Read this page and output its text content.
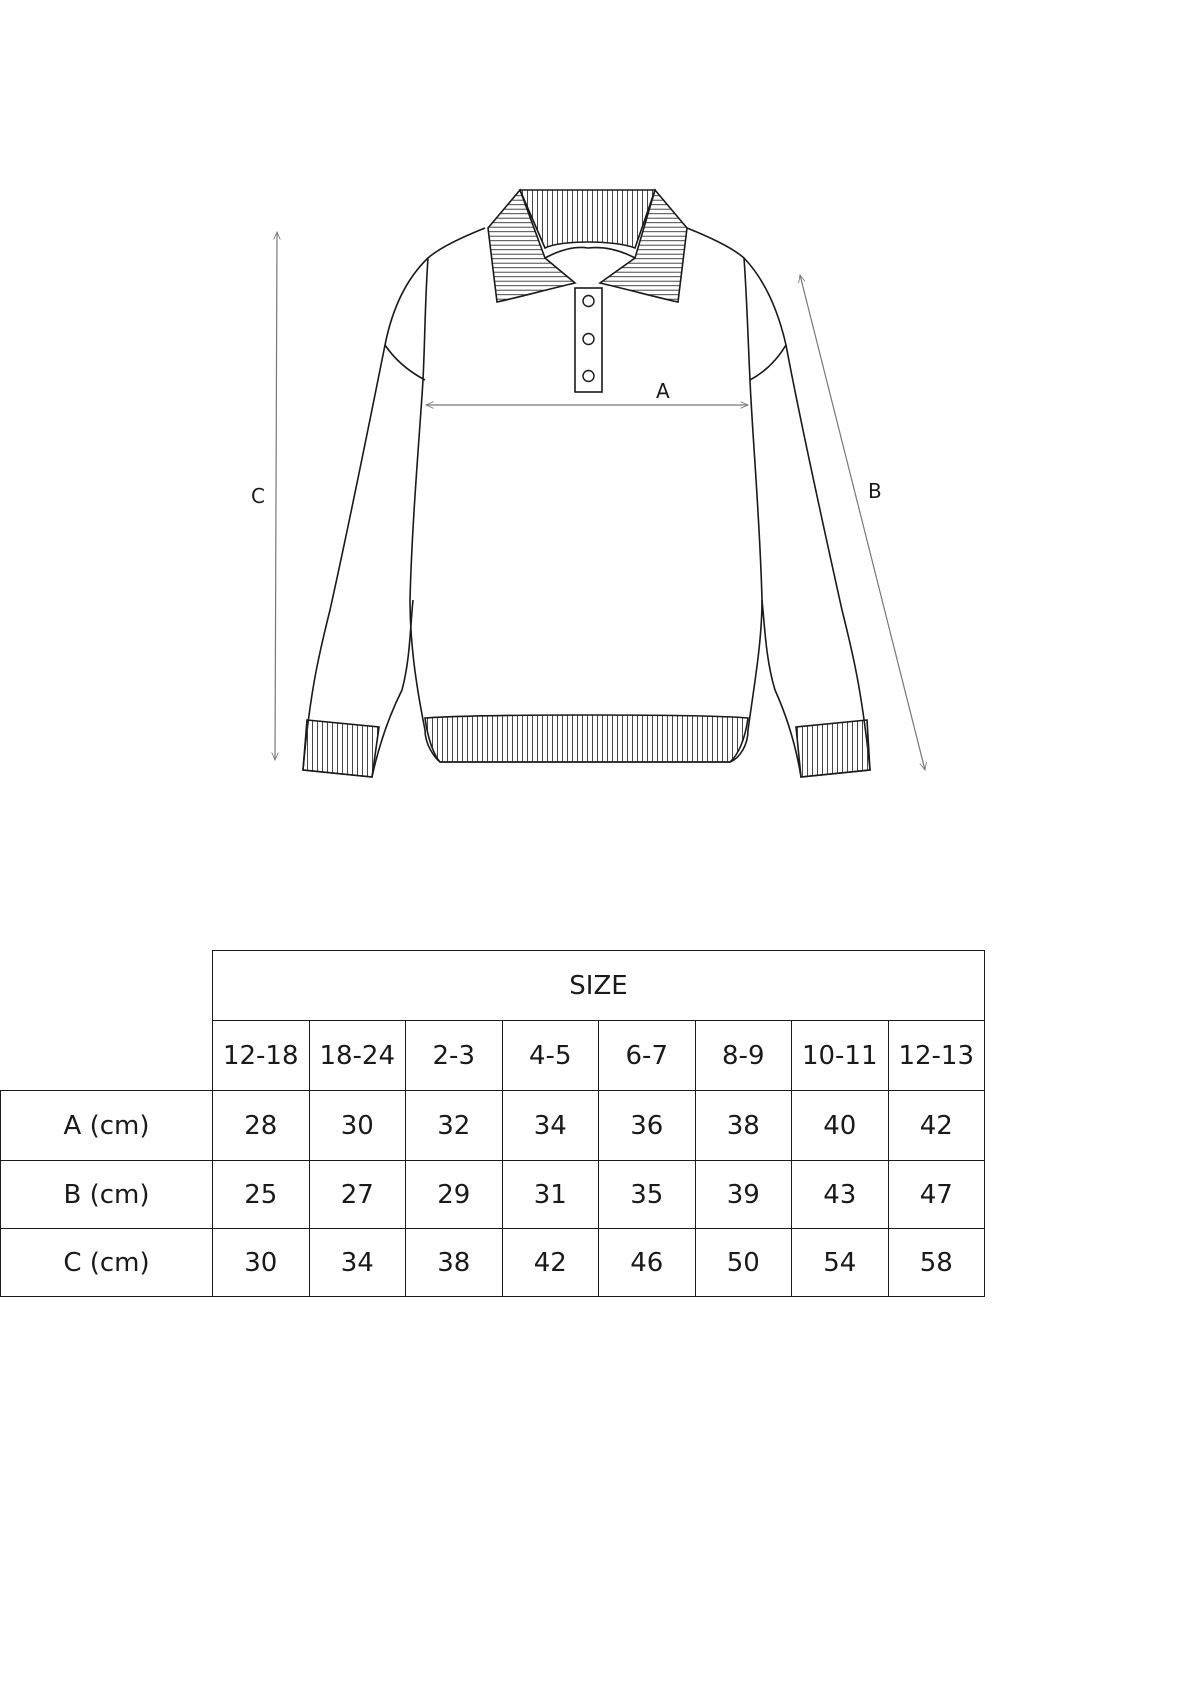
A
B
C
	SIZE							
	12-18	18-24	2-3	4-5	6-7	8-9	10-11	12-13
A (cm)	28	30	32	34	36	38	40	42
B (cm)	25	27	29	31	35	39	43	47
C (cm)	30	34	38	42	46	50	54	58
